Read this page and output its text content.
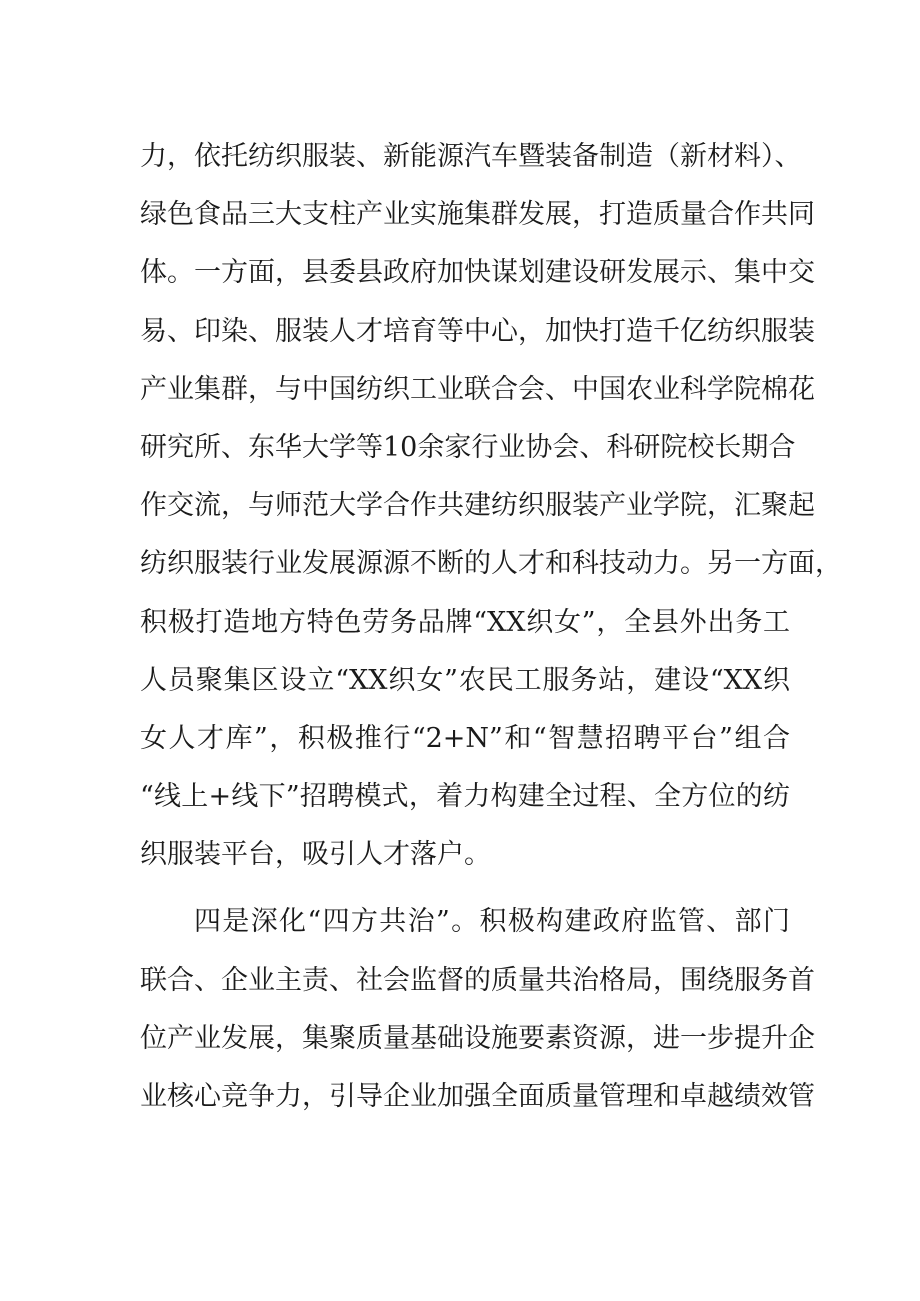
力，依托纺织服装、新能源汽车暨装备制造（新材料）、
绿色食品三大支柱产业实施集群发展，打造质量合作共同
体。一方面，县委县政府加快谋划建设研发展示、集中交
易、印染、服装人才培育等中心，加快打造千亿纺织服装
产业集群，与中国纺织工业联合会、中国农业科学院棉花
研究所、东华大学等10余家行业协会、科研院校长期合
作交流，与师范大学合作共建纺织服装产业学院，汇聚起
纺织服装行业发展源源不断的人才和科技动力。另一方面，
积极打造地方特色劳务品牌“XX织女”，全县外出务工
人员聚集区设立“XX织女”农民工服务站，建设“XX织
女人才库”，积极推行“2+N”和“智慧招聘平台”组合
“线上+线下”招聘模式，着力构建全过程、全方位的纺
织服装平台，吸引人才落户。
四是深化“四方共治”。积极构建政府监管、部门
联合、企业主责、社会监督的质量共治格局，围绕服务首
位产业发展，集聚质量基础设施要素资源，进一步提升企
业核心竞争力，引导企业加强全面质量管理和卓越绩效管
